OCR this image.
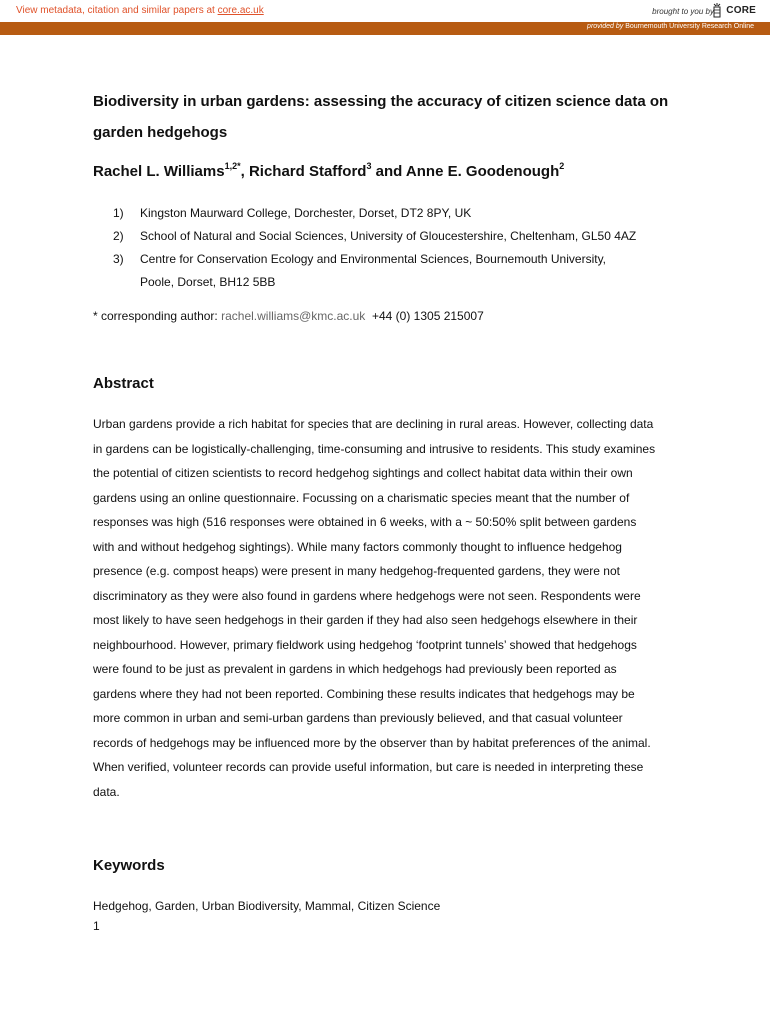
View metadata, citation and similar papers at core.ac.uk	brought to you by CORE
provided by Bournemouth University Research Online
Biodiversity in urban gardens: assessing the accuracy of citizen science data on garden hedgehogs
Rachel L. Williams$^{1,2*}$, Richard Stafford$^3$ and Anne E. Goodenough$^2$
1) Kingston Maurward College, Dorchester, Dorset, DT2 8PY, UK
2) School of Natural and Social Sciences, University of Gloucestershire, Cheltenham, GL50 4AZ
3) Centre for Conservation Ecology and Environmental Sciences, Bournemouth University,
Poole, Dorset, BH12 5BB
* corresponding author: rachel.williams@kmc.ac.uk +44 (0) 1305 215007
Abstract
Urban gardens provide a rich habitat for species that are declining in rural areas. However, collecting data
in gardens can be logistically-challenging, time-consuming and intrusive to residents. This study examines
the potential of citizen scientists to record hedgehog sightings and collect habitat data within their own
gardens using an online questionnaire. Focussing on a charismatic species meant that the number of
responses was high (516 responses were obtained in 6 weeks, with a ~ 50:50% split between gardens
with and without hedgehog sightings). While many factors commonly thought to influence hedgehog
presence (e.g. compost heaps) were present in many hedgehog-frequented gardens, they were not
discriminatory as they were also found in gardens where hedgehogs were not seen. Respondents were
most likely to have seen hedgehogs in their garden if they had also seen hedgehogs elsewhere in their
neighbourhood. However, primary fieldwork using hedgehog ‘footprint tunnels’ showed that hedgehogs
were found to be just as prevalent in gardens in which hedgehogs had previously been reported as
gardens where they had not been reported. Combining these results indicates that hedgehogs may be
more common in urban and semi-urban gardens than previously believed, and that casual volunteer
records of hedgehogs may be influenced more by the observer than by habitat preferences of the animal.
When verified, volunteer records can provide useful information, but care is needed in interpreting these
data.
Keywords
Hedgehog, Garden, Urban Biodiversity, Mammal, Citizen Science
1
